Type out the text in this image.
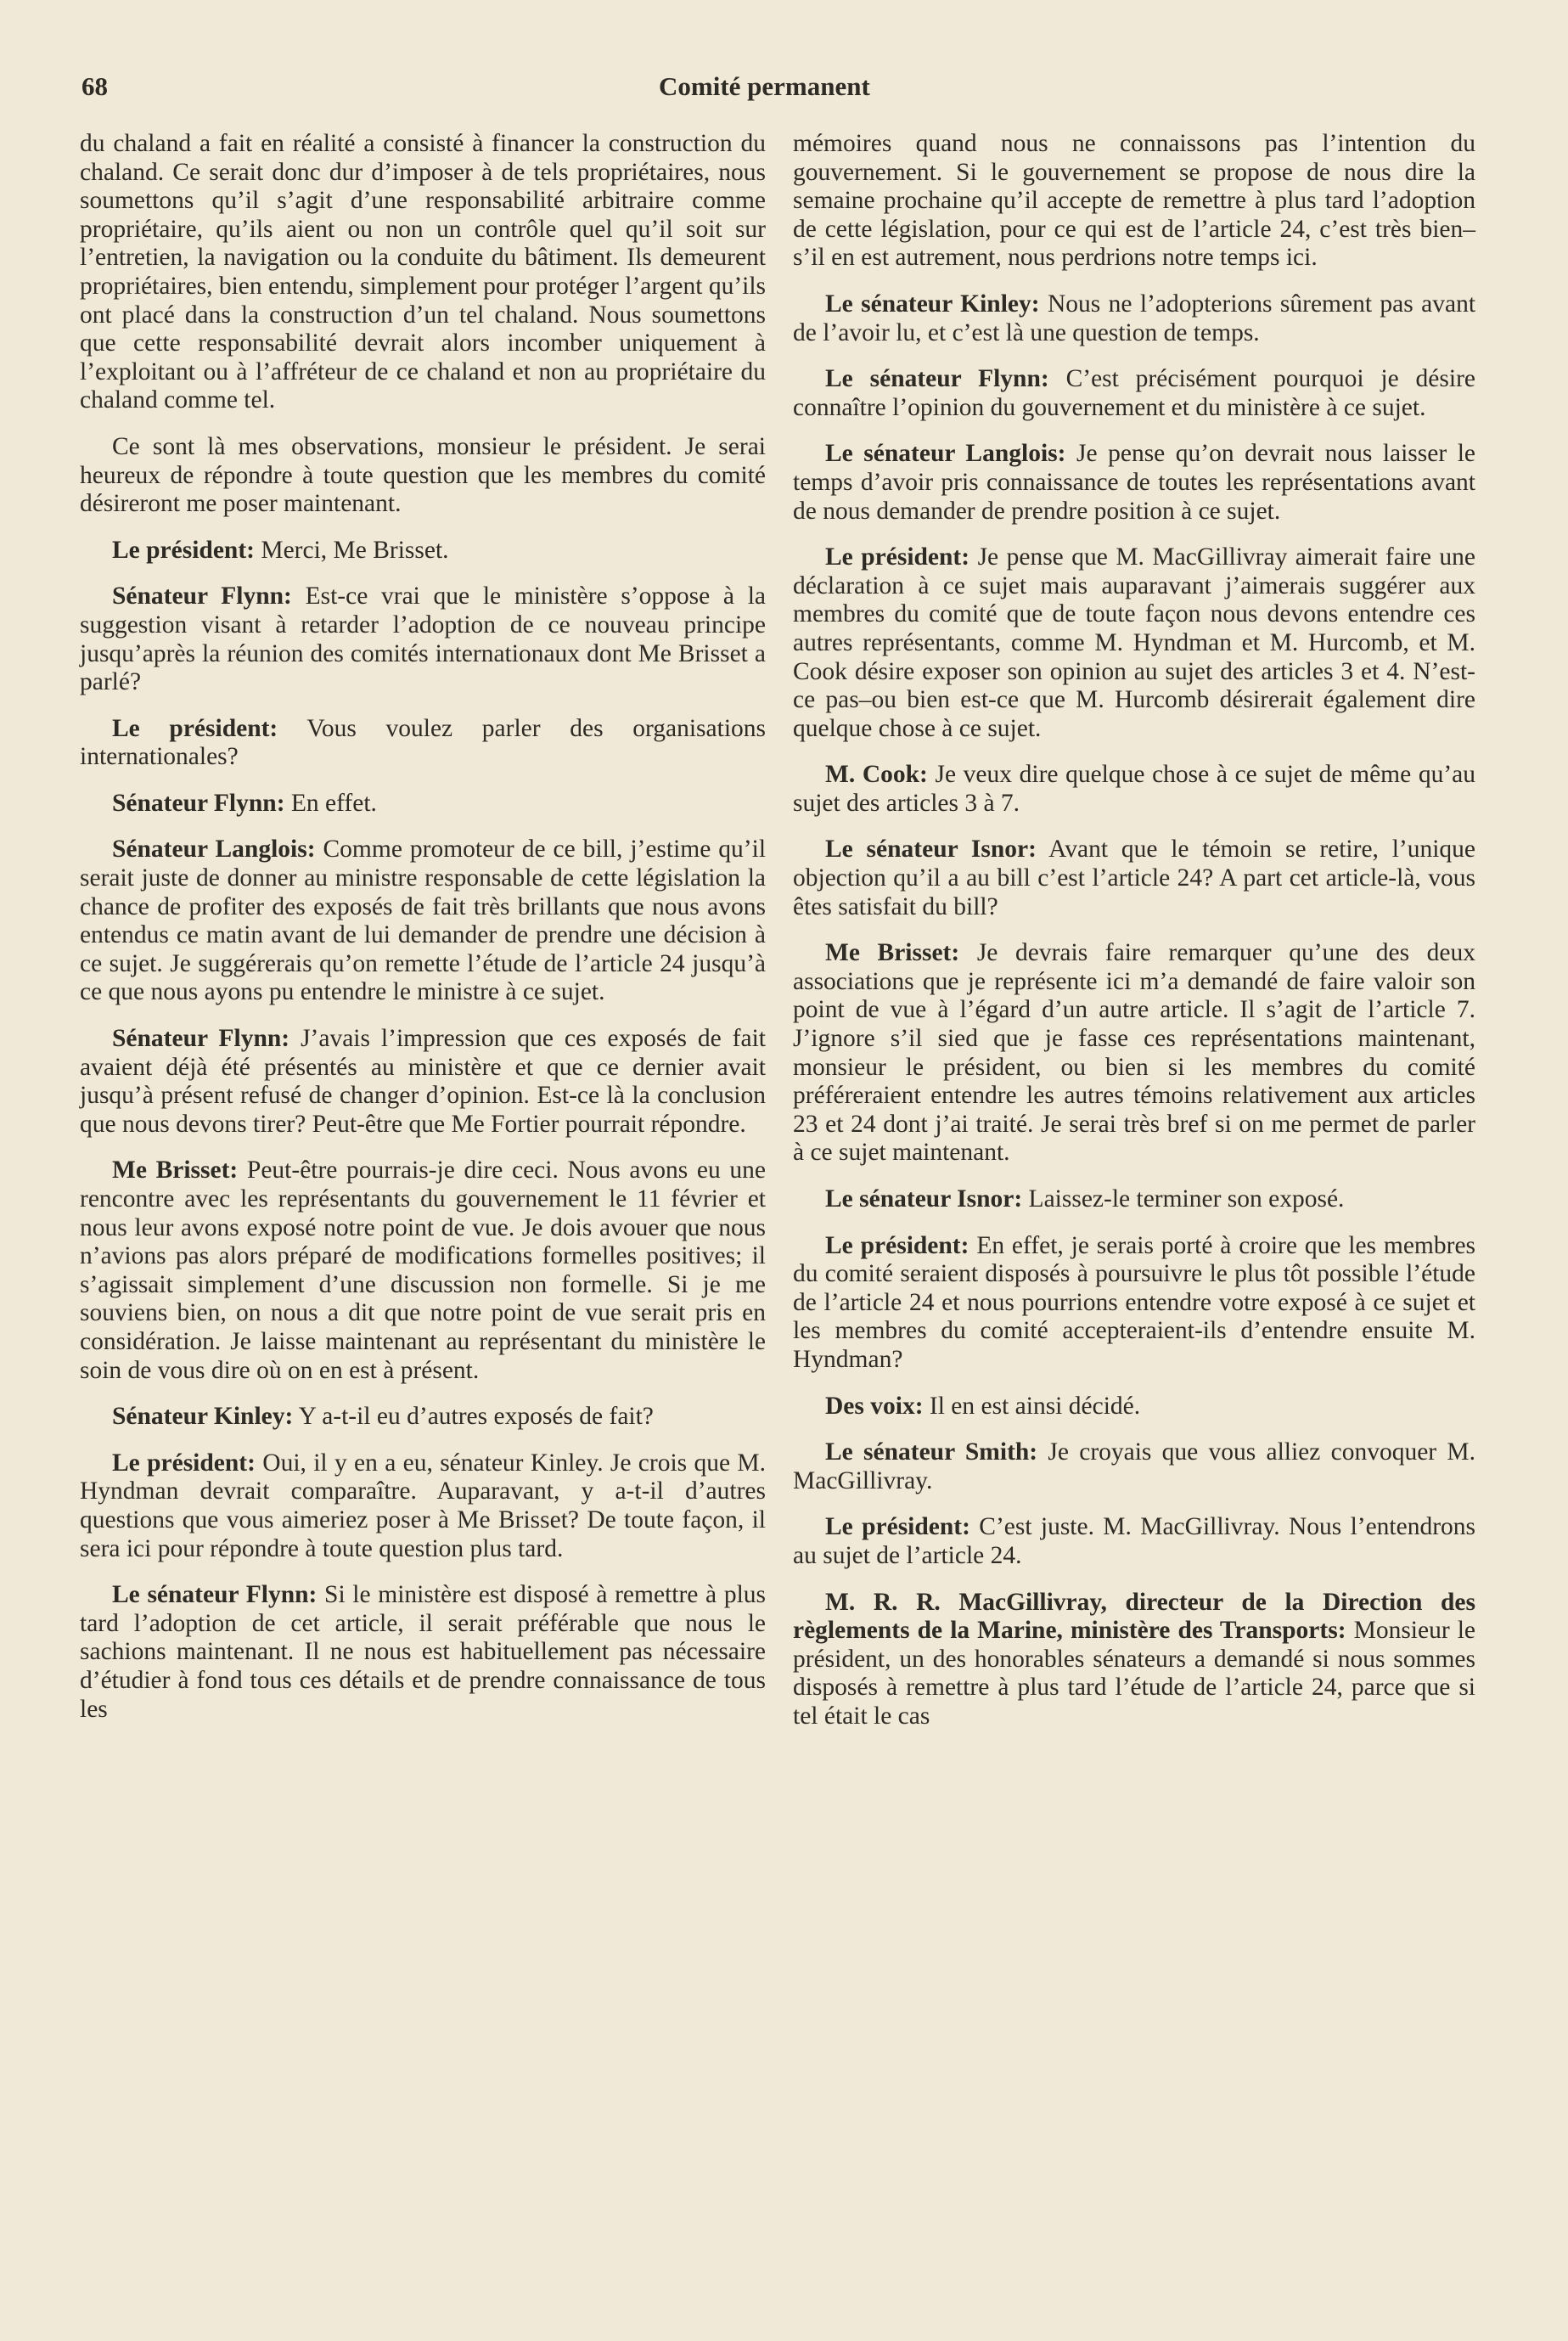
68	Comité permanent

du chaland a fait en réalité a consisté à financer la construction du chaland. Ce serait donc dur d’imposer à de tels propriétaires, nous soumettons qu’il s’agit d’une responsabilité arbitraire comme propriétaire, qu’ils aient ou non un contrôle quel qu’il soit sur l’entretien, la navigation ou la conduite du bâtiment. Ils demeurent propriétaires, bien entendu, simplement pour protéger l’argent qu’ils ont placé dans la construction d’un tel chaland. Nous soumettons que cette responsabilité devrait alors incomber uniquement à l’exploitant ou à l’affréteur de ce chaland et non au propriétaire du chaland comme tel.

Ce sont là mes observations, monsieur le président. Je serai heureux de répondre à toute question que les membres du comité désireront me poser maintenant.

Le président: Merci, Me Brisset.

Sénateur Flynn: Est-ce vrai que le ministère s’oppose à la suggestion visant à retarder l’adoption de ce nouveau principe jusqu’après la réunion des comités internationaux dont Me Brisset a parlé?

Le président: Vous voulez parler des organisations internationales?

Sénateur Flynn: En effet.

Sénateur Langlois: Comme promoteur de ce bill, j’estime qu’il serait juste de donner au ministre responsable de cette législation la chance de profiter des exposés de fait très brillants que nous avons entendus ce matin avant de lui demander de prendre une décision à ce sujet. Je suggérerais qu’on remette l’étude de l’article 24 jusqu’à ce que nous ayons pu entendre le ministre à ce sujet.

Sénateur Flynn: J’avais l’impression que ces exposés de fait avaient déjà été présentés au ministère et que ce dernier avait jusqu’à présent refusé de changer d’opinion. Est-ce là la conclusion que nous devons tirer? Peut-être que Me Fortier pourrait répondre.

Me Brisset: Peut-être pourrais-je dire ceci. Nous avons eu une rencontre avec les représentants du gouvernement le 11 février et nous leur avons exposé notre point de vue. Je dois avouer que nous n’avions pas alors préparé de modifications formelles positives; il s’agissait simplement d’une discussion non formelle. Si je me souviens bien, on nous a dit que notre point de vue serait pris en considération. Je laisse maintenant au représentant du ministère le soin de vous dire où on en est à présent.

Sénateur Kinley: Y a-t-il eu d’autres exposés de fait?

Le président: Oui, il y en a eu, sénateur Kinley. Je crois que M. Hyndman devrait comparaître. Auparavant, y a-t-il d’autres questions que vous aimeriez poser à Me Brisset? De toute façon, il sera ici pour répondre à toute question plus tard.

Le sénateur Flynn: Si le ministère est disposé à remettre à plus tard l’adoption de cet article, il serait préférable que nous le sachions maintenant. Il ne nous est habituellement pas nécessaire d’étudier à fond tous ces détails et de prendre connaissance de tous les

mémoires quand nous ne connaissons pas l’intention du gouvernement. Si le gouvernement se propose de nous dire la semaine prochaine qu’il accepte de remettre à plus tard l’adoption de cette législation, pour ce qui est de l’article 24, c’est très bien–s’il en est autrement, nous perdrions notre temps ici.

Le sénateur Kinley: Nous ne l’adopterions sûrement pas avant de l’avoir lu, et c’est là une question de temps.

Le sénateur Flynn: C’est précisément pourquoi je désire connaître l’opinion du gouvernement et du ministère à ce sujet.

Le sénateur Langlois: Je pense qu’on devrait nous laisser le temps d’avoir pris connaissance de toutes les représentations avant de nous demander de prendre position à ce sujet.

Le président: Je pense que M. MacGillivray aimerait faire une déclaration à ce sujet mais auparavant j’aimerais suggérer aux membres du comité que de toute façon nous devons entendre ces autres représentants, comme M. Hyndman et M. Hurcomb, et M. Cook désire exposer son opinion au sujet des articles 3 et 4. N’est-ce pas–ou bien est-ce que M. Hurcomb désirerait également dire quelque chose à ce sujet.

M. Cook: Je veux dire quelque chose à ce sujet de même qu’au sujet des articles 3 à 7.

Le sénateur Isnor: Avant que le témoin se retire, l’unique objection qu’il a au bill c’est l’article 24? A part cet article-là, vous êtes satisfait du bill?

Me Brisset: Je devrais faire remarquer qu’une des deux associations que je représente ici m’a demandé de faire valoir son point de vue à l’égard d’un autre article. Il s’agit de l’article 7. J’ignore s’il sied que je fasse ces représentations maintenant, monsieur le président, ou bien si les membres du comité préféreraient entendre les autres témoins relativement aux articles 23 et 24 dont j’ai traité. Je serai très bref si on me permet de parler à ce sujet maintenant.

Le sénateur Isnor: Laissez-le terminer son exposé.

Le président: En effet, je serais porté à croire que les membres du comité seraient disposés à poursuivre le plus tôt possible l’étude de l’article 24 et nous pourrions entendre votre exposé à ce sujet et les membres du comité accepteraient-ils d’entendre ensuite M. Hyndman?

Des voix: Il en est ainsi décidé.

Le sénateur Smith: Je croyais que vous alliez convoquer M. MacGillivray.

Le président: C’est juste. M. MacGillivray. Nous l’entendrons au sujet de l’article 24.

M. R. R. MacGillivray, directeur de la Direction des règlements de la Marine, ministère des Transports: Monsieur le président, un des honorables sénateurs a demandé si nous sommes disposés à remettre à plus tard l’étude de l’article 24, parce que si tel était le cas
